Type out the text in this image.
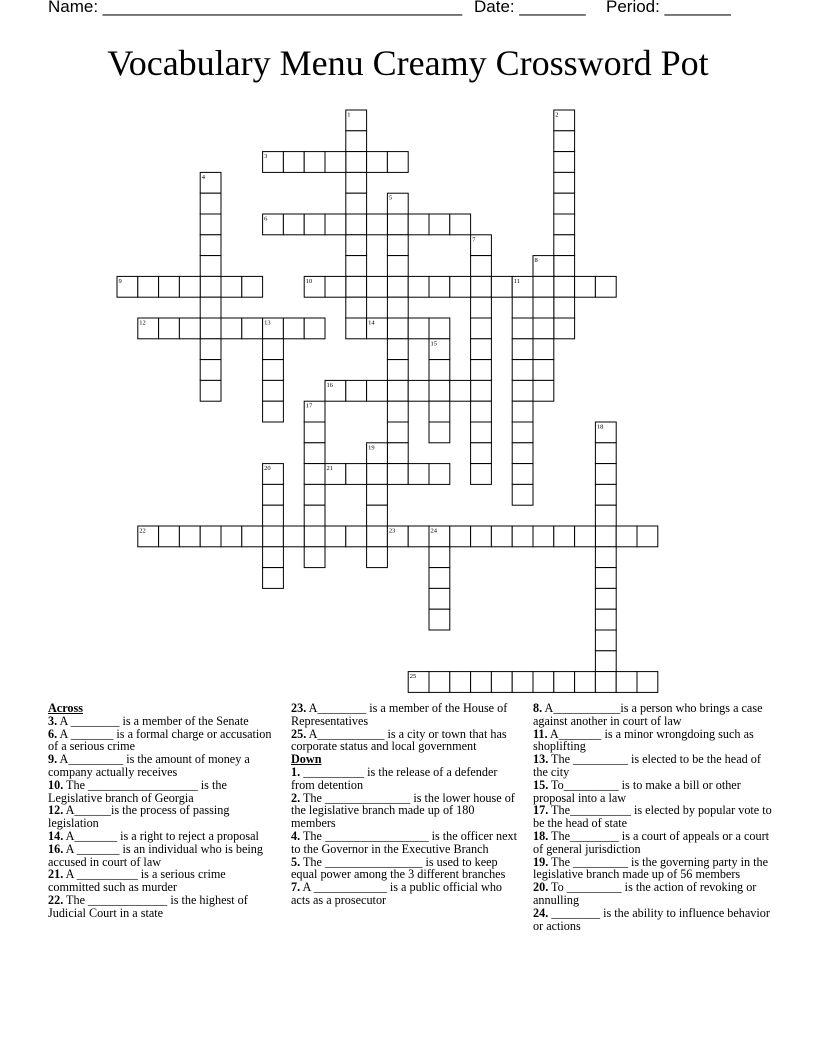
Name: ______________________________________ Date: _______ Period: _______
Vocabulary Menu Creamy Crossword Pot
1	2
3
4
5
6
7
8
9	10	11
12	13	14
15
16
17
18
19
20	21
22	23	24
25

Across

3. A ________ is a member of the Senate

6. A _______ is a formal charge or accusation of a serious crime

9. A_________ is the amount of money a company actually receives

10. The __________________ is the Legislative branch of Georgia

12. A______is the process of passing legislation

14. A_______ is a right to reject a proposal

16. A _______ is an individual who is being accused in court of law

21. A __________ is a serious crime committed such as murder

22. The _____________ is the highest of Judicial Court in a state

23. A________ is a member of the House of Representatives

25. A___________ is a city or town that has corporate status and local government

Down

1. __________ is the release of a defender from detention

2. The ______________ is the lower house of the legislative branch made up of 180 members

4. The _________________ is the officer next to the Governor in the Executive Branch

5. The ________________ is used to keep equal power among the 3 different branches

7. A ____________ is a public official who acts as a prosecutor

8. A___________is a person who brings a case against another in court of law

11. A_______ is a minor wrongdoing such as shoplifting

13. The _________ is elected to be the head of the city

15. To_________ is to make a bill or other proposal into a law

17. The__________ is elected by popular vote to be the head of state

18. The________ is a court of appeals or a court of general jurisdiction

19. The _________ is the governing party in the legislative branch made up of 56 members

20. To _________ is the action of revoking or annulling

24. ________ is the ability to influence behavior or actions
